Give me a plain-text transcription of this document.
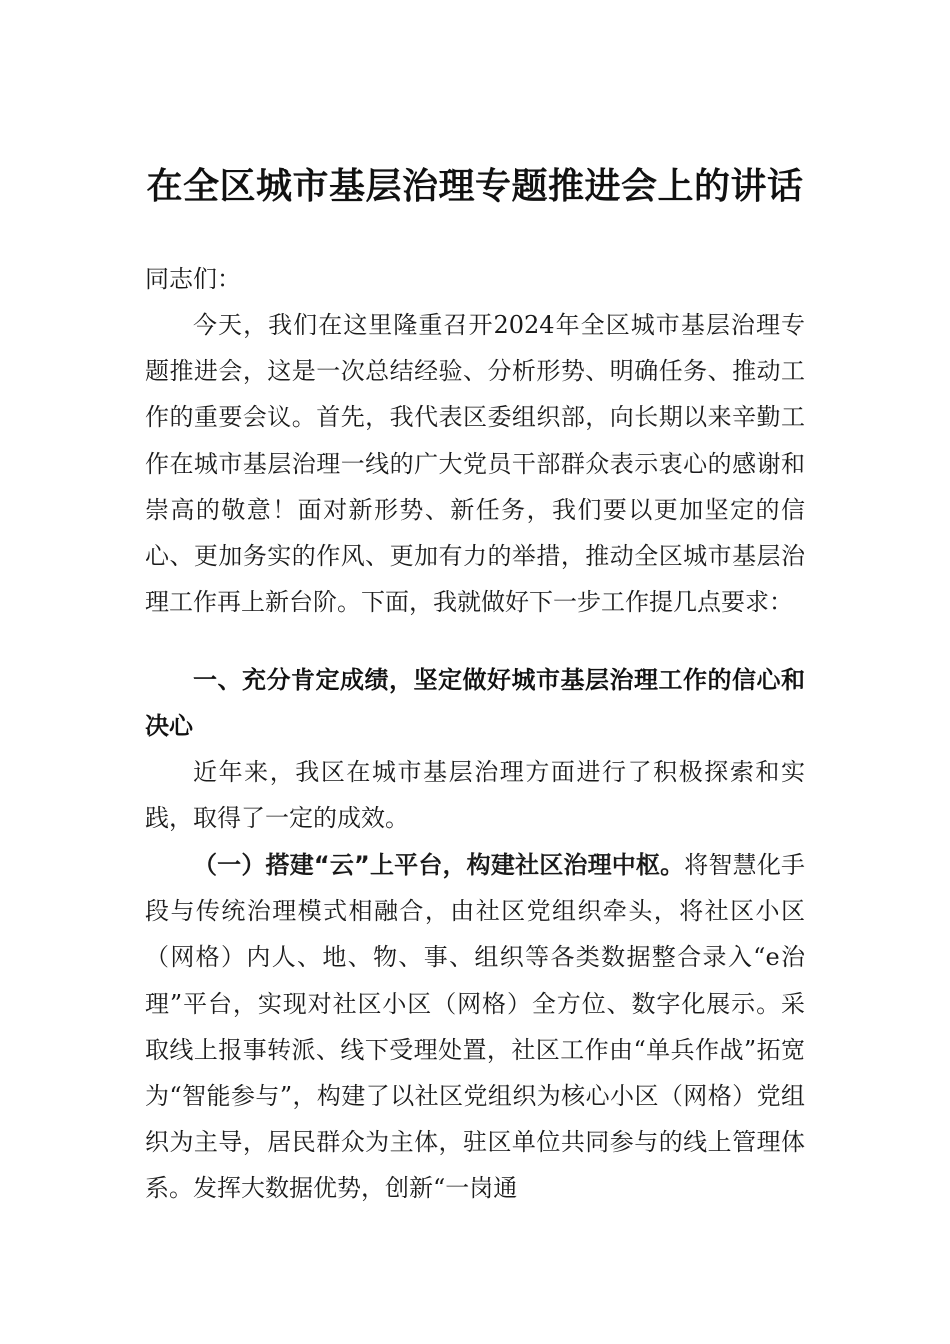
在全区城市基层治理专题推进会上的讲话

同志们：

今天，我们在这里隆重召开2024年全区城市基层治理专题推进会，这是一次总结经验、分析形势、明确任务、推动工作的重要会议。首先，我代表区委组织部，向长期以来辛勤工作在城市基层治理一线的广大党员干部群众表示衷心的感谢和崇高的敬意！面对新形势、新任务，我们要以更加坚定的信心、更加务实的作风、更加有力的举措，推动全区城市基层治理工作再上新台阶。下面，我就做好下一步工作提几点要求：

一、充分肯定成绩，坚定做好城市基层治理工作的信心和决心

近年来，我区在城市基层治理方面进行了积极探索和实践，取得了一定的成效。

（一）搭建“云”上平台，构建社区治理中枢。将智慧化手段与传统治理模式相融合，由社区党组织牵头，将社区小区（网格）内人、地、物、事、组织等各类数据整合录入“e治理”平台，实现对社区小区（网格）全方位、数字化展示。采取线上报事转派、线下受理处置，社区工作由“单兵作战”拓宽为“智能参与”，构建了以社区党组织为核心小区（网格）党组织为主导，居民群众为主体，驻区单位共同参与的线上管理体系。发挥大数据优势，创新“一岗通
